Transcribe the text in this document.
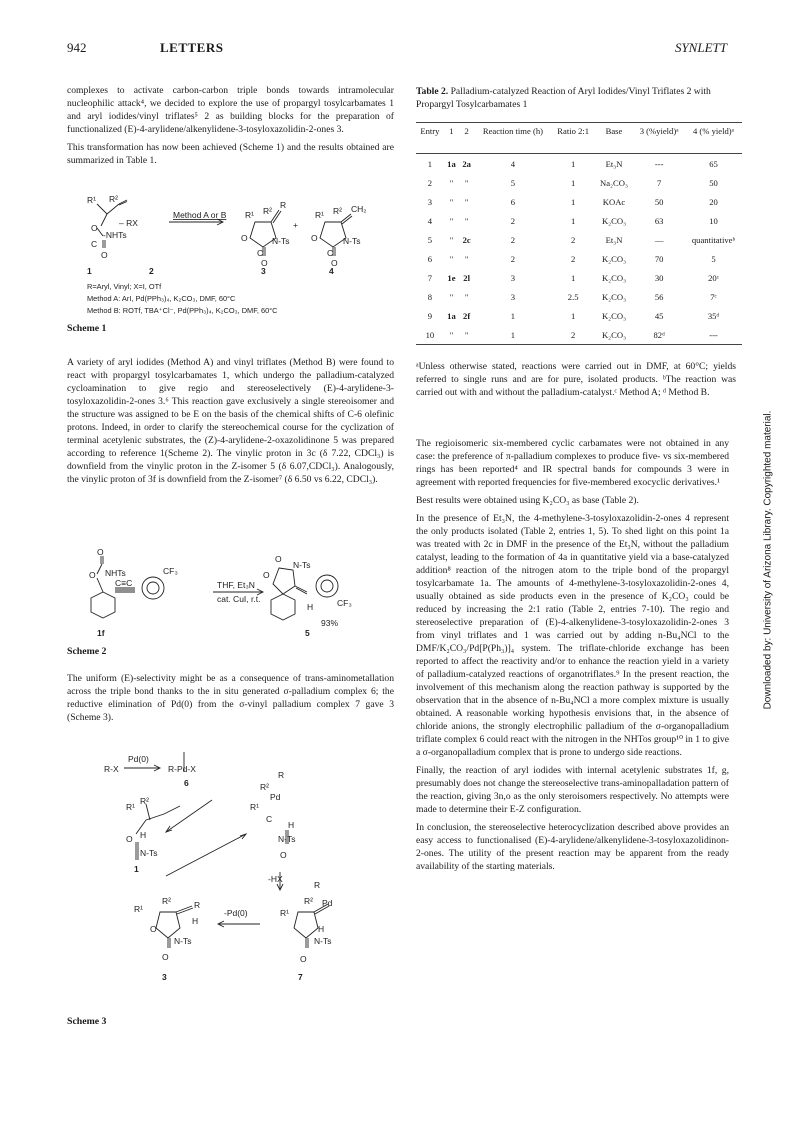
942	LETTERS	SYNLETT

complexes to activate carbon-carbon triple bonds towards intramolecular nucleophilic attack⁴, we decided to explore the use of propargyl tosylcarbamates 1 and aryl iodides/vinyl triflates⁵ 2 as building blocks for the preparation of functionalized (E)-4-arylidene/alkenylidene-3-tosyloxazolidin-2-ones 3.

This transformation has now been achieved (Scheme 1) and the results obtained are summarized in Table 1.

R¹ R²
O
-NHTs
C
O
– RX
Method A or B R¹ R²
R
O	N-Ts
C
O
+
R¹ R² CH₂
O	N-Ts
C
O
1	2	3	4
R=Aryl, Vinyl; X=I, OTf
Method A: ArI, Pd(PPh₃)₄, K₂CO₃, DMF, 60°C
Method B: ROTf, TBA⁺Cl⁻, Pd(PPh₃)₄, K₂CO₃, DMF, 60°C
Scheme 1

A variety of aryl iodides (Method A) and vinyl triflates (Method B) were found to react with propargyl tosylcarbamates 1, which undergo the palladium-catalyzed cycloamination to give regio and stereoselectively (E)-4-arylidene-3-tosyloxazolidin-2-ones 3.⁶ This reaction gave exclusively a single stereoisomer and the structure was assigned to be E on the basis of the chemical shifts of C-6 olefinic protons. Indeed, in order to clarify the stereochemical course for the cyclization of terminal acetylenic substrates, the (Z)-4-arylidene-2-oxazolidinone 5 was prepared according to reference 1(Scheme 2). The vinylic proton in 3c (δ 7.22, CDCl₃) is downfield from the vinylic proton in the Z-isomer 5 (δ 6.07,CDCl₃). Analogously, the vinylic proton of 3f is downfield from the Z-isomer⁷ (δ 6.50 vs 6.22, CDCl₃).

O
NHTs
O
C≡C
CF₃
THF, Et₃N
cat. CuI, r.t.
O
N-Ts
O
H	CF₃
93%
1f	5
Scheme 2

The uniform (E)-selectivity might be as a consequence of trans-aminometallation across the triple bond thanks to the in situ generated σ-palladium complex 6; the reductive elimination of Pd(0) from the σ-vinyl palladium complex 7 gave 3 (Scheme 3).

R-X
Pd(0)
R-Pd-X
R²
R
Pd
R¹
C
H
N-Ts
O
R¹
R²
O H
N-Ts
-HX
R
Pd
R¹
R²
H
N-Ts
O
-Pd(0)
R¹
R²	R
H
O
N-Ts
O
6
1
7
3
Scheme 3
Table 2. Palladium-catalyzed Reaction of Aryl Iodides/Vinyl Triflates 2 with Propargyl Tosylcarbamates 1
Entry	1	2	Reaction time (h)	Ratio 2:1	Base	3 (%yield)ᵃ	4 (% yield)ᵃ

1	1a	2a	4	1	Et₃N	---	65
2	"	"	5	1	Na₂CO₃	7	50
3	"	"	6	1	KOAc	50	20
4	"	"	2	1	K₂CO₃	63	10
5	"	2c	2	2	Et₃N	—	quantitativeᵇ
6	"	"	2	2	K₂CO₃	70	5
7	1e	2l	3	1	K₂CO₃	30	20ᶜ
8	"	"	3	2.5	K₂CO₃	56	7ᶜ
9	1a	2f	1	1	K₂CO₃	45	35ᵈ
10	"	"	1	2	K₂CO₃	82ᵈ	---

ᵃUnless otherwise stated, reactions were carried out in DMF, at 60°C; yields referred to single runs and are for pure, isolated products. ᵇThe reaction was carried out with and without the palladium-catalyst.ᶜ Method A; ᵈ Method B.

The regioisomeric six-membered cyclic carbamates were not obtained in any case: the preference of π-palladium complexes to produce five- vs six-membered rings has been reported⁴ and IR spectral bands for compounds 3 were in agreement with reported frequencies for five-membered exocyclic derivatives.¹

Best results were obtained using K₂CO₃ as base (Table 2).

In the presence of Et₃N, the 4-methylene-3-tosyloxazolidin-2-ones 4 represent the only products isolated (Table 2, entries 1, 5). To shed light on this point 1a was treated with 2c in DMF in the presence of the Et₃N, without the palladium catalyst, leading to the formation of 4a in quantitative yield via a base-catalyzed addition⁸ reaction of the nitrogen atom to the triple bond of the propargyl tosylcarbamate 1a. The amounts of 4-methylene-3-tosyloxazolidin-2-ones 4, usually obtained as side products even in the presence of K₂CO₃ could be reduced by increasing the 2:1 ratio (Table 2, entries 7-10). The regio and stereoselective preparation of (E)-4-alkenylidene-3-tosyloxazolidin-2-ones 3 from vinyl triflates and 1 was carried out by adding n-Bu₄NCl to the DMF/K₂CO₃/Pd[P(Ph₃)]₄ system. The triflate-chloride exchange has been reported to affect the reactivity and/or to enhance the reaction yield in a variety of palladium-catalyzed reactions of organotriflates.⁹ In the present reaction, the involvement of this mechanism along the reaction pathway is supported by the observation that in the absence of n-Bu₄NCl a more complex mixture is usually obtained. A reasonable working hypothesis envisions that, in the absence of chloride anions, the strongly electrophilic palladium of the σ-organopalladium triflate complex 6 could react with the nitrogen in the NHTos group¹⁰ in 1 to give a σ-organopalladium complex that is prone to undergo side reactions.

Finally, the reaction of aryl iodides with internal acetylenic substrates 1f, g, presumably does not change the stereoselective trans-aminopalladation pattern of the reaction, giving 3n,o as the only steroisomers respectively. No attempts were made to determine their E-Z configuration.

In conclusion, the stereoselective heterocyclization described above provides an easy access to functionalised (E)-4-arylidene/alkenylidene-3-tosyloxazolidinon-2-ones. The utility of the present reaction may be apparent from the ready availability of the starting materials.

Downloaded by: University of Arizona Library. Copyrighted material.
